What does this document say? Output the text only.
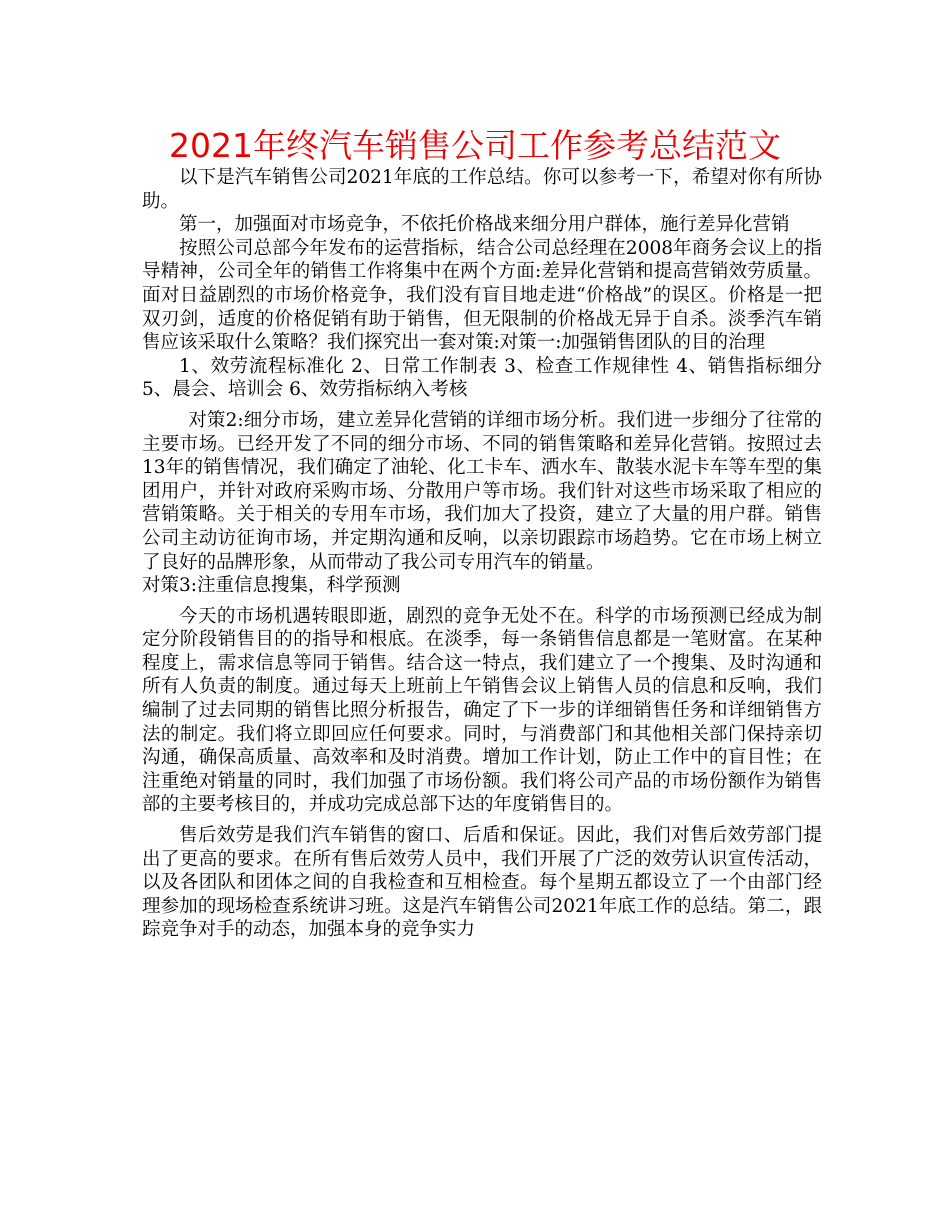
2021年终汽车销售公司工作参考总结范文

以下是汽车销售公司2021年底的工作总结。你可以参考一下，希望对你有所协助。

第一，加强面对市场竞争，不依托价格战来细分用户群体，施行差异化营销

按照公司总部今年发布的运营指标，结合公司总经理在2008年商务会议上的指导精神，公司全年的销售工作将集中在两个方面:差异化营销和提高营销效劳质量。面对日益剧烈的市场价格竞争，我们没有盲目地走进“价格战”的误区。价格是一把双刃剑，适度的价格促销有助于销售，但无限制的价格战无异于自杀。淡季汽车销售应该采取什么策略？我们探究出一套对策:对策一:加强销售团队的目的治理

1、效劳流程标准化 2、日常工作制表 3、检查工作规律性 4、销售指标细分 5、晨会、培训会 6、效劳指标纳入考核

对策2:细分市场，建立差异化营销的详细市场分析。我们进一步细分了往常的主要市场。已经开发了不同的细分市场、不同的销售策略和差异化营销。按照过去13年的销售情况，我们确定了油轮、化工卡车、洒水车、散装水泥卡车等车型的集团用户，并针对政府采购市场、分散用户等市场。我们针对这些市场采取了相应的营销策略。关于相关的专用车市场，我们加大了投资，建立了大量的用户群。销售公司主动访征询市场，并定期沟通和反响，以亲切跟踪市场趋势。它在市场上树立了良好的品牌形象，从而带动了我公司专用汽车的销量。

对策3:注重信息搜集，科学预测

今天的市场机遇转眼即逝，剧烈的竞争无处不在。科学的市场预测已经成为制定分阶段销售目的的指导和根底。在淡季，每一条销售信息都是一笔财富。在某种程度上，需求信息等同于销售。结合这一特点，我们建立了一个搜集、及时沟通和所有人负责的制度。通过每天上班前上午销售会议上销售人员的信息和反响，我们编制了过去同期的销售比照分析报告，确定了下一步的详细销售任务和详细销售方法的制定。我们将立即回应任何要求。同时，与消费部门和其他相关部门保持亲切沟通，确保高质量、高效率和及时消费。增加工作计划，防止工作中的盲目性；在注重绝对销量的同时，我们加强了市场份额。我们将公司产品的市场份额作为销售部的主要考核目的，并成功完成总部下达的年度销售目的。

售后效劳是我们汽车销售的窗口、后盾和保证。因此，我们对售后效劳部门提出了更高的要求。在所有售后效劳人员中，我们开展了广泛的效劳认识宣传活动，以及各团队和团体之间的自我检查和互相检查。每个星期五都设立了一个由部门经理参加的现场检查系统讲习班。这是汽车销售公司2021年底工作的总结。第二，跟踪竞争对手的动态，加强本身的竞争实力
